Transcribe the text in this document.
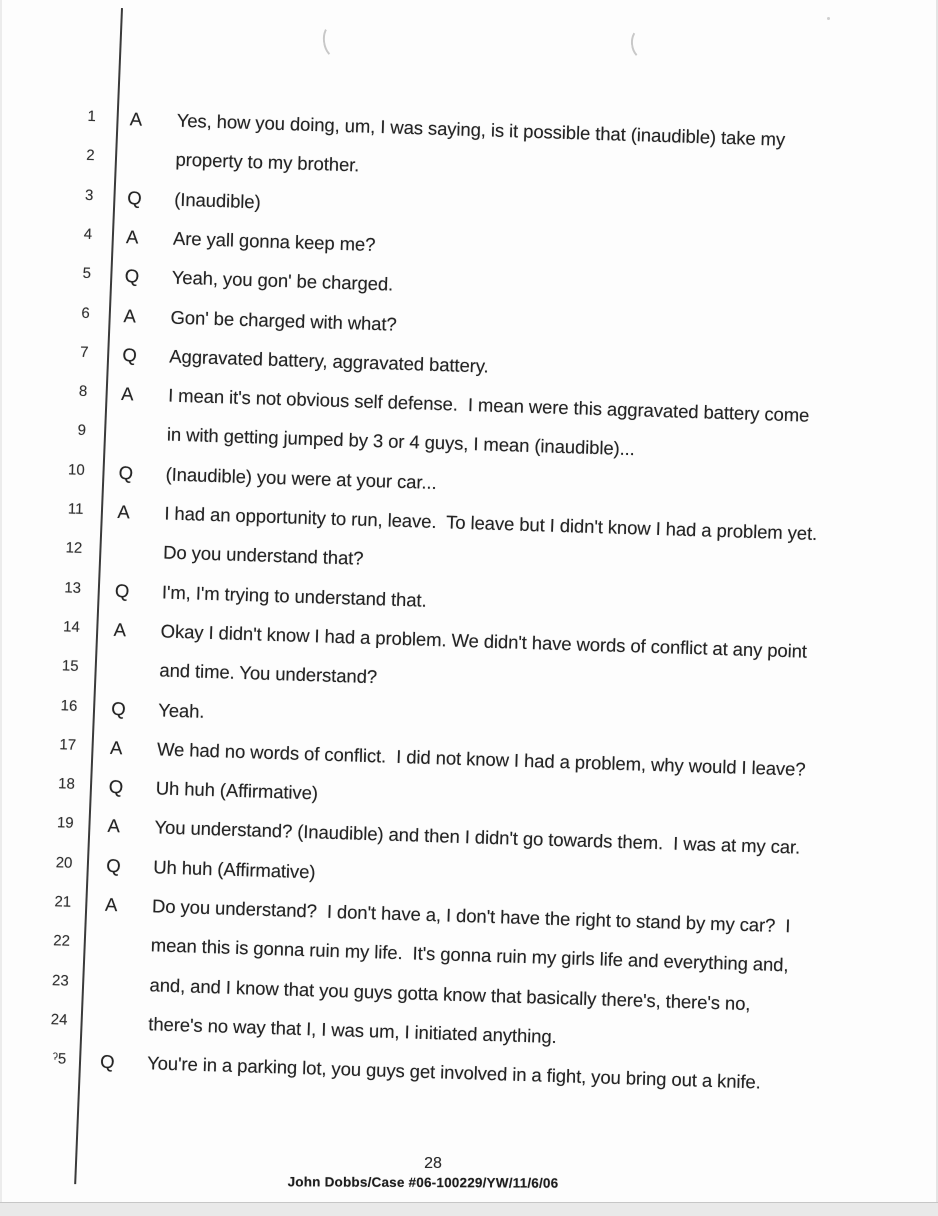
1 A	Yes, how you doing, um, I was saying, is it possible that (inaudible) take my
2	property to my brother.
3 Q	(Inaudible)
4 A	Are yall gonna keep me?
5 Q	Yeah, you gon' be charged.
6 A	Gon' be charged with what?
7 Q	Aggravated battery, aggravated battery.
8 A	I mean it's not obvious self defense.  I mean were this aggravated battery come
9	in with getting jumped by 3 or 4 guys, I mean (inaudible)...
10 Q	(Inaudible) you were at your car...
11 A	I had an opportunity to run, leave.  To leave but I didn't know I had a problem yet.
12	Do you understand that?
13 Q	I'm, I'm trying to understand that.
14 A	Okay I didn't know I had a problem. We didn't have words of conflict at any point
15	and time. You understand?
16 Q	Yeah.
17 A	We had no words of conflict.  I did not know I had a problem, why would I leave?
18 Q	Uh huh (Affirmative)
19 A	You understand? (Inaudible) and then I didn't go towards them.  I was at my car.
20 Q	Uh huh (Affirmative)
21 A	Do you understand?  I don't have a, I don't have the right to stand by my car?  I
22	mean this is gonna ruin my life.  It's gonna ruin my girls life and everything and,
23	and, and I know that you guys gotta know that basically there's, there's no,
24	there's no way that I, I was um, I initiated anything.
ˀ5 Q	You're in a parking lot, you guys get involved in a fight, you bring out a knife.
28
John Dobbs/Case #06-100229/YW/11/6/06
